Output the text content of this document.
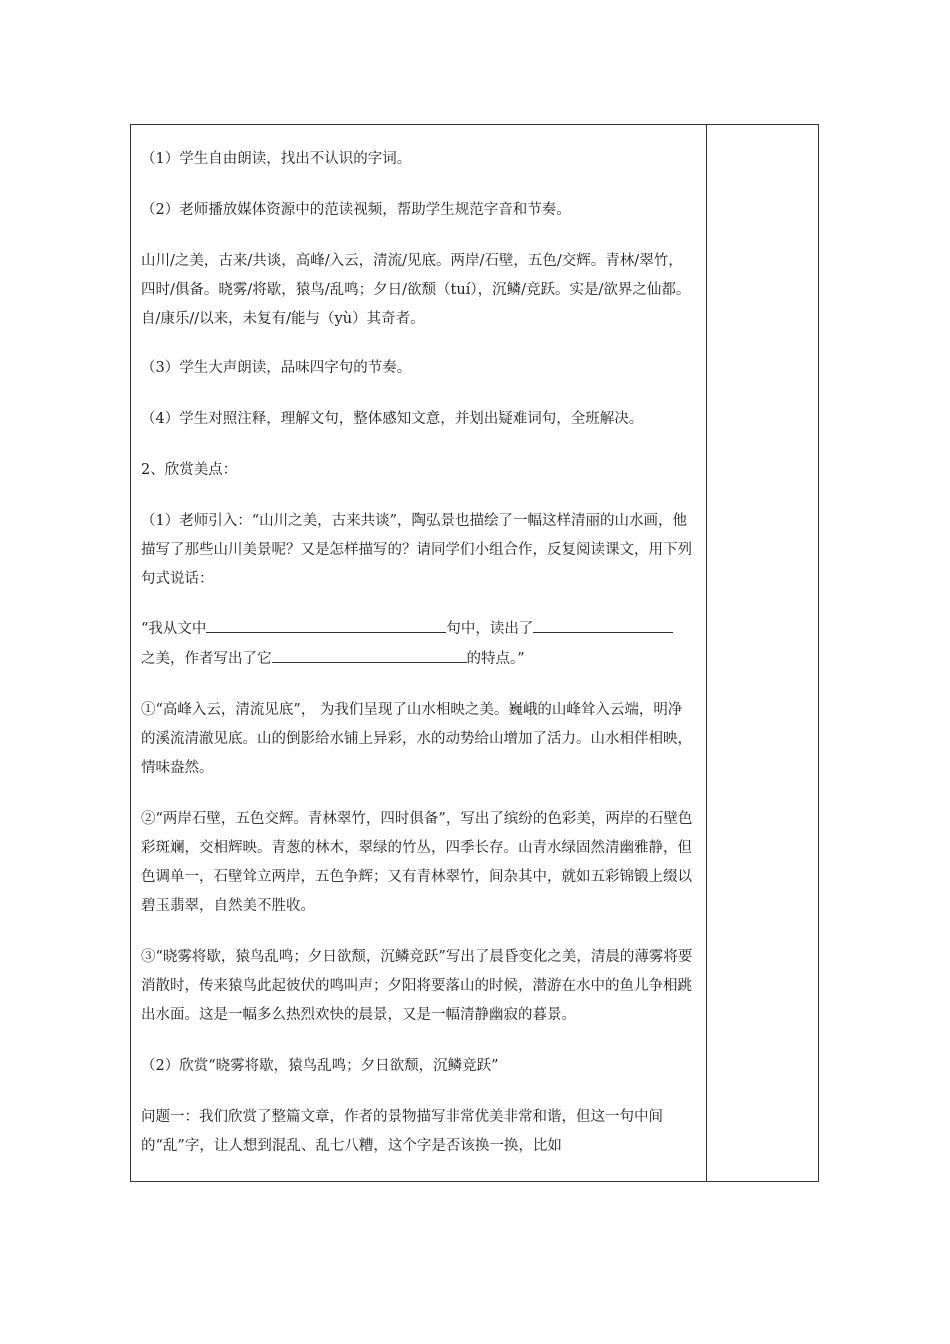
（1）学生自由朗读，找出不认识的字词。

（2）老师播放媒体资源中的范读视频，帮助学生规范字音和节奏。

山川/之美，古来/共谈，高峰/入云，清流/见底。两岸/石壁，五色/交辉。青林/翠竹，四时/俱备。晓雾/将歇，猿鸟/乱鸣；夕日/欲颓（tuí），沉鳞/竞跃。实是/欲界之仙都。自/康乐//以来，未复有/能与（yù）其奇者。

（3）学生大声朗读，品味四字句的节奏。

（4）学生对照注释，理解文句，整体感知文意，并划出疑难词句，全班解决。

2、欣赏美点：

（1）老师引入：“山川之美，古来共谈”，陶弘景也描绘了一幅这样清丽的山水画，他描写了那些山川美景呢？又是怎样描写的？请同学们小组合作，反复阅读课文，用下列句式说话：

“我从文中	句中，读出了
之美，作者写出了它	的特点。”

①“高峰入云，清流见底”， 为我们呈现了山水相映之美。巍峨的山峰耸入云端，明净的溪流清澈见底。山的倒影给水铺上异彩，水的动势给山增加了活力。山水相伴相映，情味盎然。

②“两岸石壁，五色交辉。青林翠竹，四时俱备”，写出了缤纷的色彩美，两岸的石壁色彩斑斓，交相辉映。青葱的林木，翠绿的竹丛，四季长存。山青水绿固然清幽雅静，但色调单一，石壁耸立两岸，五色争辉；又有青林翠竹，间杂其中，就如五彩锦锻上缀以碧玉翡翠，自然美不胜收。

③“晓雾将歇，猿鸟乱鸣；夕日欲颓，沉鳞竞跃”写出了晨昏变化之美，清晨的薄雾将要消散时，传来猿鸟此起彼伏的鸣叫声；夕阳将要落山的时候，潜游在水中的鱼儿争相跳出水面。这是一幅多么热烈欢快的晨景，又是一幅清静幽寂的暮景。

（2）欣赏“晓雾将歇，猿鸟乱鸣；夕日欲颓，沉鳞竞跃”

问题一：我们欣赏了整篇文章，作者的景物描写非常优美非常和谐，但这一句中间的“乱”字，让人想到混乱、乱七八糟，这个字是否该换一换，比如
